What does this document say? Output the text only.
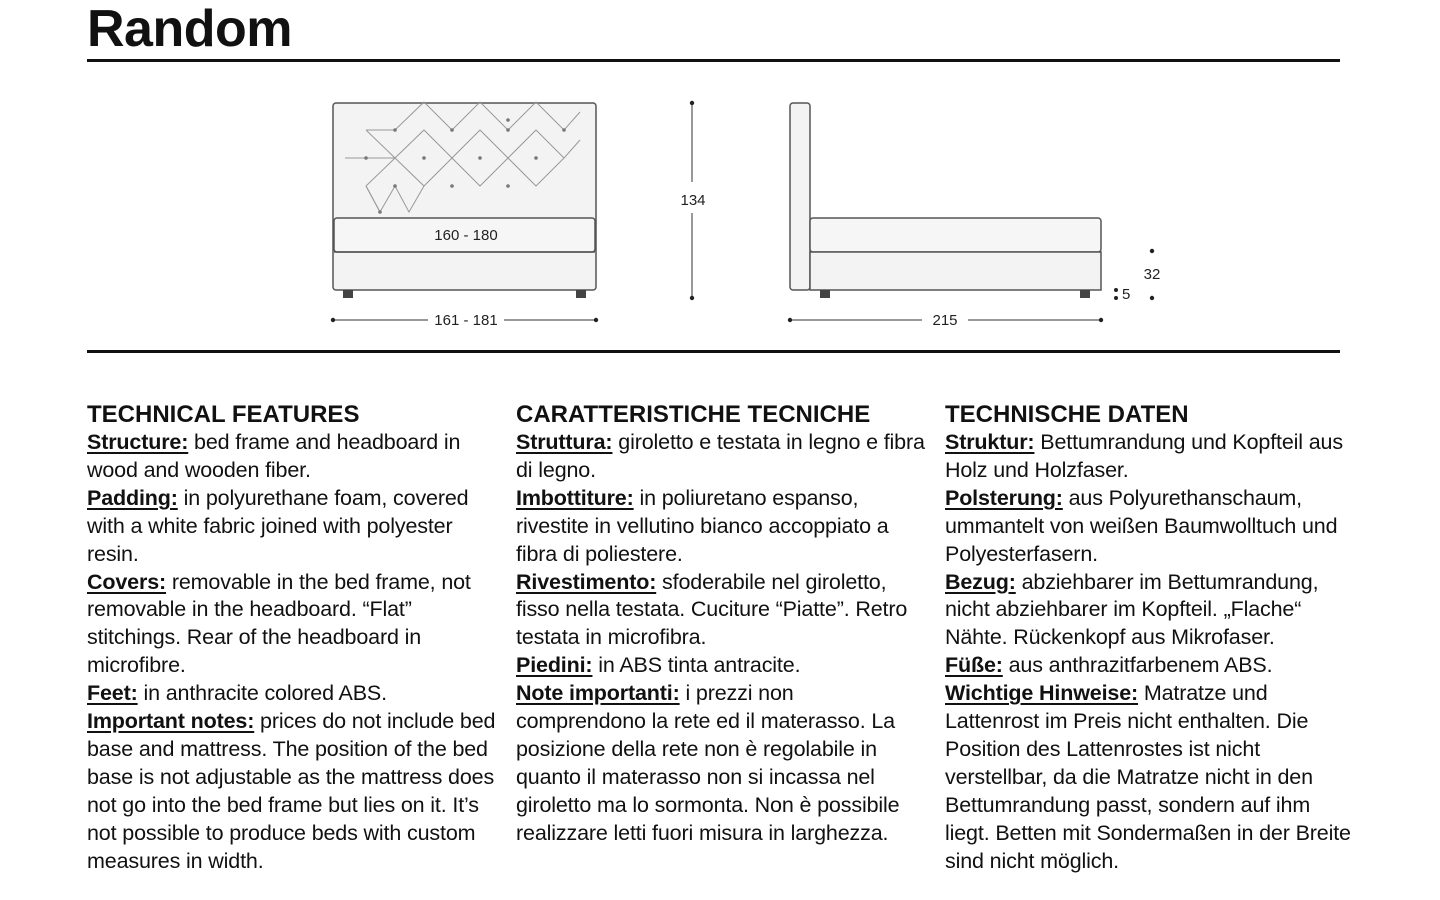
Random
160 - 180
161 - 181
134
215
32
5
TECHNICAL FEATURES

Structure: bed frame and headboard in wood and wooden fiber.

Padding: in polyurethane foam, covered with a white fabric joined with polyester resin.

Covers: removable in the bed frame, not removable in the headboard. “Flat” stitchings. Rear of the headboard in microfibre.

Feet: in anthracite colored ABS.

Important notes: prices do not include bed base and mattress. The position of the bed base is not adjustable as the mattress does not go into the bed frame but lies on it. It’s not possible to produce beds with custom measures in width.

CARATTERISTICHE TECNICHE

Struttura: giroletto e testata in legno e fibra di legno.

Imbottiture: in poliuretano espanso, rivestite in vellutino bianco accoppiato a fibra di poliestere.

Rivestimento: sfoderabile nel giroletto, fisso nella testata. Cuciture “Piatte”. Retro testata in microfibra.

Piedini: in ABS tinta antracite.

Note importanti: i prezzi non comprendono la rete ed il materasso. La posizione della rete non è regolabile in quanto il materasso non si incassa nel giroletto ma lo sormonta. Non è possibile realizzare letti fuori misura in larghezza.

TECHNISCHE DATEN

Struktur: Bettumrandung und Kopfteil aus Holz und Holzfaser.

Polsterung: aus Polyurethanschaum, ummantelt von weißen Baumwolltuch und Polyesterfasern.

Bezug: abziehbarer im Bettumrandung, nicht abziehbarer im Kopfteil. „Flache“ Nähte. Rückenkopf aus Mikrofaser.

Füße: aus anthrazitfarbenem ABS.

Wichtige Hinweise: Matratze und Lattenrost im Preis nicht enthalten. Die Position des Lattenrostes ist nicht verstellbar, da die Matratze nicht in den Bettumrandung passt, sondern auf ihm liegt. Betten mit Sondermaßen in der Breite sind nicht möglich.
